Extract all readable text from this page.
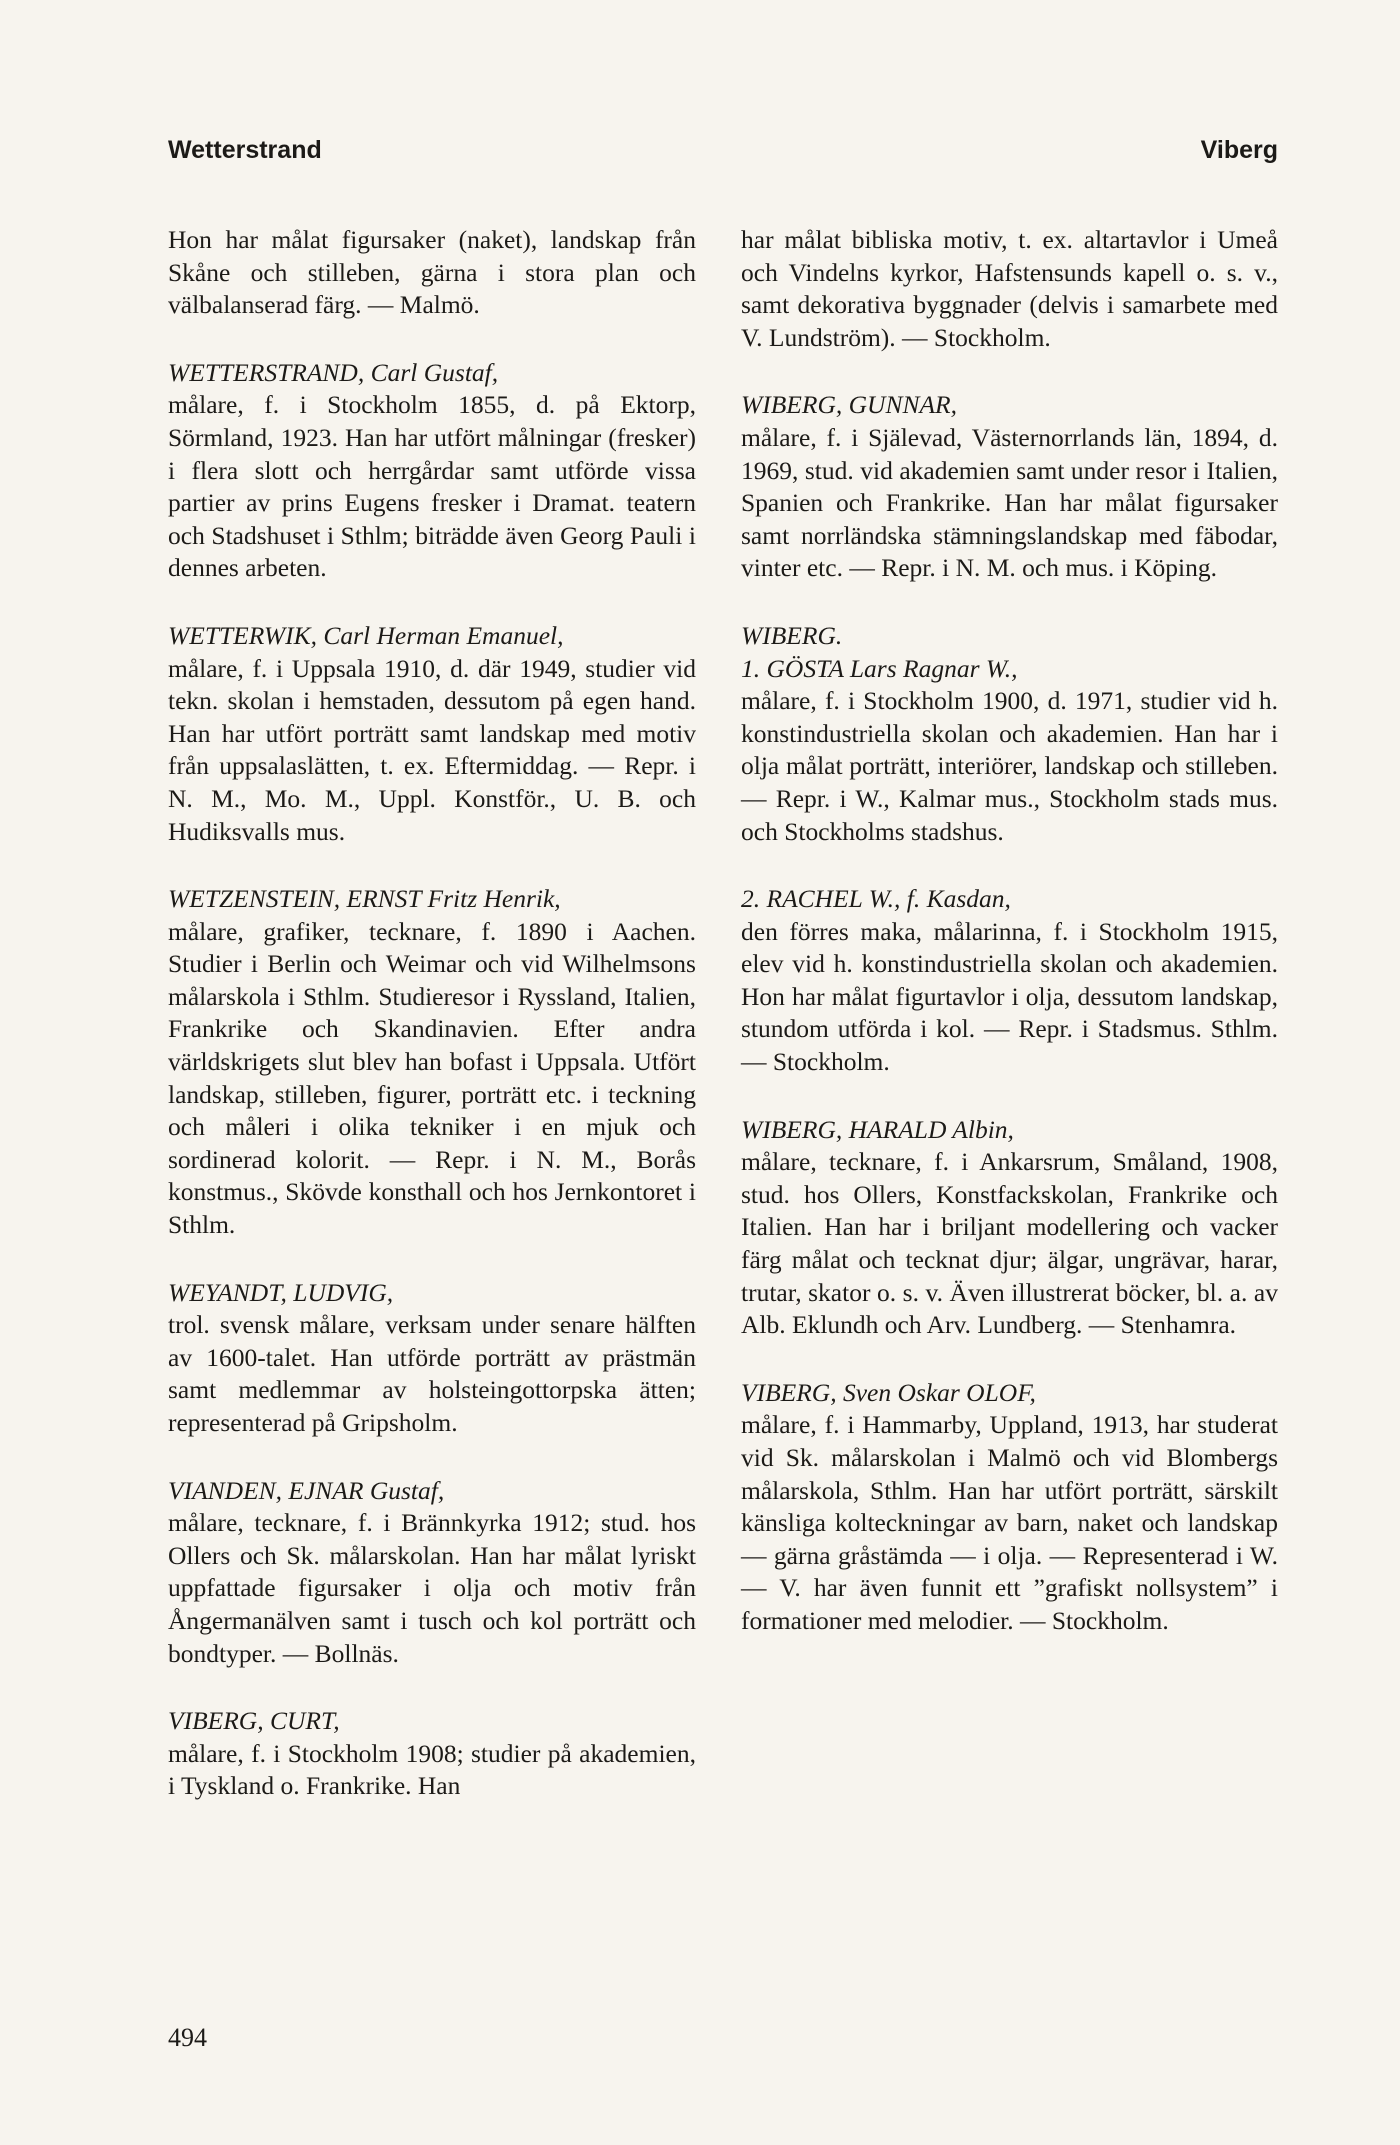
Wetterstrand	Viberg

Hon har målat figursaker (naket), landskap från Skåne och stilleben, gärna i stora plan och välbalanserad färg. — Malmö.

WETTERSTRAND, Carl Gustaf,
målare, f. i Stockholm 1855, d. på Ektorp, Sörmland, 1923. Han har utfört målningar (fresker) i flera slott och herrgårdar samt utförde vissa partier av prins Eugens fresker i Dramat. teatern och Stadshuset i Sthlm; biträdde även Georg Pauli i dennes arbeten.

WETTERWIK, Carl Herman Emanuel,
målare, f. i Uppsala 1910, d. där 1949, studier vid tekn. skolan i hemstaden, dessutom på egen hand. Han har utfört porträtt samt landskap med motiv från uppsalaslätten, t. ex. Eftermiddag. — Repr. i N. M., Mo. M., Uppl. Konstför., U. B. och Hudiksvalls mus.

WETZENSTEIN, ERNST Fritz Henrik,
målare, grafiker, tecknare, f. 1890 i Aachen. Studier i Berlin och Weimar och vid Wilhelmsons målarskola i Sthlm. Studieresor i Ryssland, Italien, Frankrike och Skandinavien. Efter andra världskrigets slut blev han bofast i Uppsala. Utfört landskap, stilleben, figurer, porträtt etc. i teckning och måleri i olika tekniker i en mjuk och sordinerad kolorit. — Repr. i N. M., Borås konstmus., Skövde konsthall och hos Jernkontoret i Sthlm.

WEYANDT, LUDVIG,
trol. svensk målare, verksam under senare hälften av 1600-talet. Han utförde porträtt av prästmän samt medlemmar av holsteingottorpska ätten; representerad på Gripsholm.

VIANDEN, EJNAR Gustaf,
målare, tecknare, f. i Brännkyrka 1912; stud. hos Ollers och Sk. målarskolan. Han har målat lyriskt uppfattade figursaker i olja och motiv från Ångermanälven samt i tusch och kol porträtt och bondtyper. — Bollnäs.

VIBERG, CURT,
målare, f. i Stockholm 1908; studier på akademien, i Tyskland o. Frankrike. Han

har målat bibliska motiv, t. ex. altartavlor i Umeå och Vindelns kyrkor, Hafstensunds kapell o. s. v., samt dekorativa byggnader (delvis i samarbete med V. Lundström). — Stockholm.

WIBERG, GUNNAR,
målare, f. i Själevad, Västernorrlands län, 1894, d. 1969, stud. vid akademien samt under resor i Italien, Spanien och Frankrike. Han har målat figursaker samt norrländska stämningslandskap med fäbodar, vinter etc. — Repr. i N. M. och mus. i Köping.

WIBERG.

1. GÖSTA Lars Ragnar W.,
målare, f. i Stockholm 1900, d. 1971, studier vid h. konstindustriella skolan och akademien. Han har i olja målat porträtt, interiörer, landskap och stilleben. — Repr. i W., Kalmar mus., Stockholm stads mus. och Stockholms stadshus.

2. RACHEL W., f. Kasdan,
den förres maka, målarinna, f. i Stockholm 1915, elev vid h. konstindustriella skolan och akademien. Hon har målat figurtavlor i olja, dessutom landskap, stundom utförda i kol. — Repr. i Stadsmus. Sthlm. — Stockholm.

WIBERG, HARALD Albin,
målare, tecknare, f. i Ankarsrum, Småland, 1908, stud. hos Ollers, Konstfackskolan, Frankrike och Italien. Han har i briljant modellering och vacker färg målat och tecknat djur; älgar, ungrävar, harar, trutar, skator o. s. v. Även illustrerat böcker, bl. a. av Alb. Eklundh och Arv. Lundberg. — Stenhamra.

VIBERG, Sven Oskar OLOF,
målare, f. i Hammarby, Uppland, 1913, har studerat vid Sk. målarskolan i Malmö och vid Blombergs målarskola, Sthlm. Han har utfört porträtt, särskilt känsliga kolteckningar av barn, naket och landskap — gärna gråstämda — i olja. — Representerad i W. — V. har även funnit ett ”grafiskt nollsystem” i formationer med melodier. — Stockholm.

494
